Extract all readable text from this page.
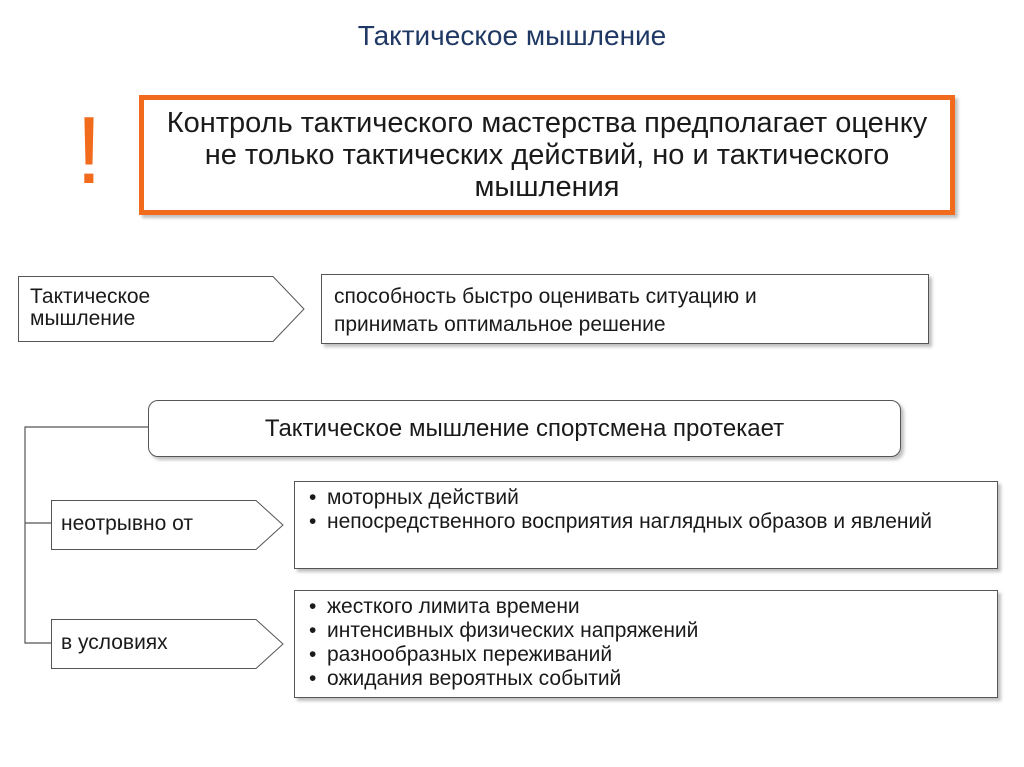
Тактическое мышление
!	Контроль тактического мастерства предполагает оценку не только тактических действий, но и тактического мышления
Тактическое
мышление
способность быстро оценивать ситуацию и
принимать оптимальное решение
Тактическое мышление спортсмена протекает
неотрывно от
• моторных действий
• непосредственного восприятия наглядных образов и явлений
в условиях
• жесткого лимита времени
• интенсивных физических напряжений
• разнообразных переживаний
• ожидания вероятных событий
